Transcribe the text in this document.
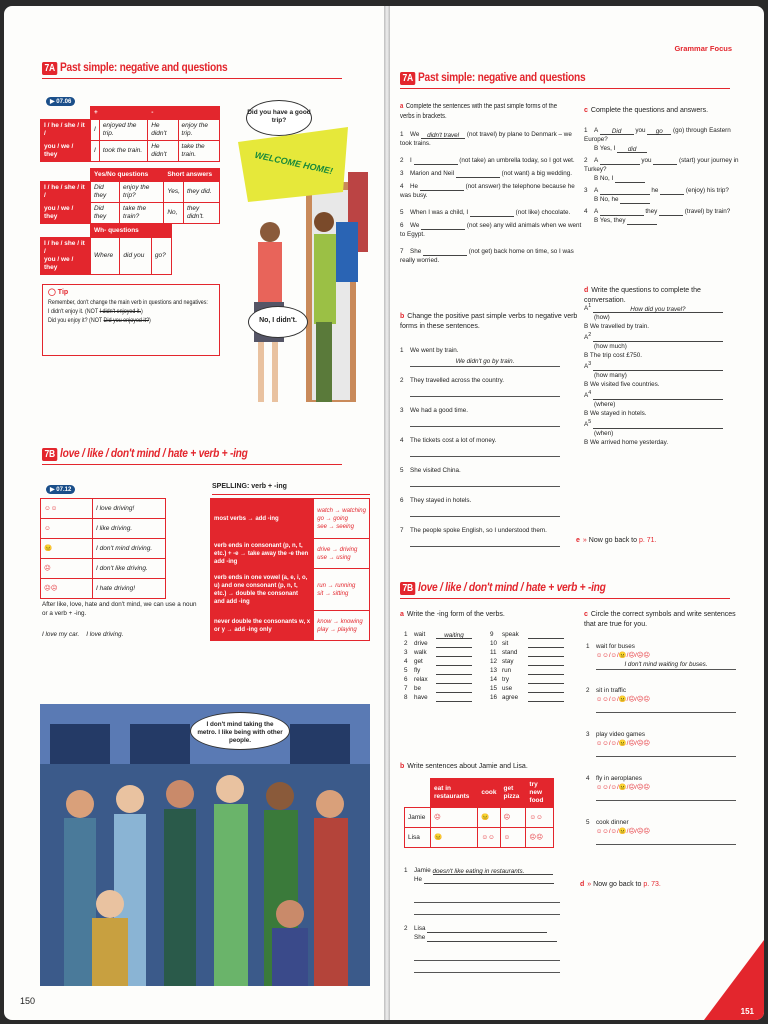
7A Past simple: negative and questions
▶ 07.06
	+		-	
I / he / she / it /	I	enjoyed the trip.	He didn't	enjoy the trip.
you / we / they	I	took the train.	He didn't	take the train.
	Yes/No questions		Short answers	
I / he / she / it /	Did they	enjoy the trip?	Yes,	they did.
you / we / they	Did they	take the train?	No,	they didn't.
	Wh- questions		
I / he / she / it /
you / we / they	Where	did you	go?
◯ Tip
Remember, don't change the main verb in questions and negatives:
I didn't enjoy it. (NOT I didn't enjoyed it.)
Did you enjoy it? (NOT Did you enjoyed it?)
Did you have a good trip?
WELCOME HOME!
No, I didn't.
7B love / like / don't mind / hate + verb + -ing
▶ 07.12
☺☺	I love driving!
☺	I like driving.
😐	I don't mind driving.
☹	I don't like driving.
☹☹	I hate driving!
After like, love, hate and don't mind, we can use a noun or a verb + -ing.
I love my car. I love driving.
SPELLING: verb + -ing
most verbs → add -ing	watch → watching
go → going
see → seeing
verb ends in consonant (p, n, t, etc.) + -e → take away the -e then add -ing	drive → driving
use → using
verb ends in one vowel (a, e, i, o, u) and one consonant (p, n, t, etc.) → double the consonant and add -ing	run → running
sit → sitting
never double the consonants w, x or y → add -ing only	know → knowing
play → playing
I don't mind taking the metro. I like being with other people.
150
Grammar Focus
7A Past simple: negative and questions
a Complete the sentences with the past simple forms of the verbs in brackets.
1 We didn't travel (not travel) by plane to Denmark – we took trains.
2 I	(not take) an umbrella today, so I got wet.
3 Marion and Neil	(not want) a big wedding.
4 He	(not answer) the telephone because he was busy.
5 When I was a child, I	(not like) chocolate.
6 We	(not see) any wild animals when we went to Egypt.
7 She	(not get) back home on time, so I was really worried.
b Change the positive past simple verbs to negative verb forms in these sentences.
1 We went by train.
We didn't go by train.
2 They travelled across the country.
3 We had a good time.
4 The tickets cost a lot of money.
5 She visited China.
6 They stayed in hotels.
7 The people spoke English, so I understood them.
c Complete the questions and answers.
1 A Did you go (go) through Eastern Europe?
B Yes, I did
2 A	you	(start) your journey in Turkey?
B No, I
3 A	he	(enjoy) his trip?
B No, he
4 A	they	(travel) by train?
B Yes, they
d Write the questions to complete the conversation.
$A^1$ How did you travel?
(how)
B We travelled by train.
$A^2$
(how much)
B The trip cost £750.
$A^3$
(how many)
B We visited five countries.
$A^4$
(where)
B We stayed in hotels.
$A^5$
(when)
B We arrived home yesterday.
e » Now go back to p. 71.
7B love / like / don't mind / hate + verb + -ing
a Write the -ing form of the verbs.
1 wait	waiting
2 drive
3 walk
4 get
5 fly
6 relax
7 be
8 have
9 speak
10 sit
11 stand
12 stay
13 run
14 try
15 use
16 agree
b Write sentences about Jamie and Lisa.
	eat in restaurants	cook	get pizza	try new food
Jamie	☹	😐	☹	☺☺
Lisa	😐	☺☺	☺	☹☹
1 Jamie doesn't like eating in restaurants.
He
2 Lisa
She
c Circle the correct symbols and write sentences that are true for you.
1 wait for buses
☺☺/☺/😐/☹/☹☹
I don't mind waiting for buses.
2 sit in traffic
☺☺/☺/😐/☹/☹☹
3 play video games
☺☺/☺/😐/☹/☹☹
4 fly in aeroplanes
☺☺/☺/😐/☹/☹☹
5 cook dinner
☺☺/☺/😐/☹/☹☹
d » Now go back to p. 73.
151
